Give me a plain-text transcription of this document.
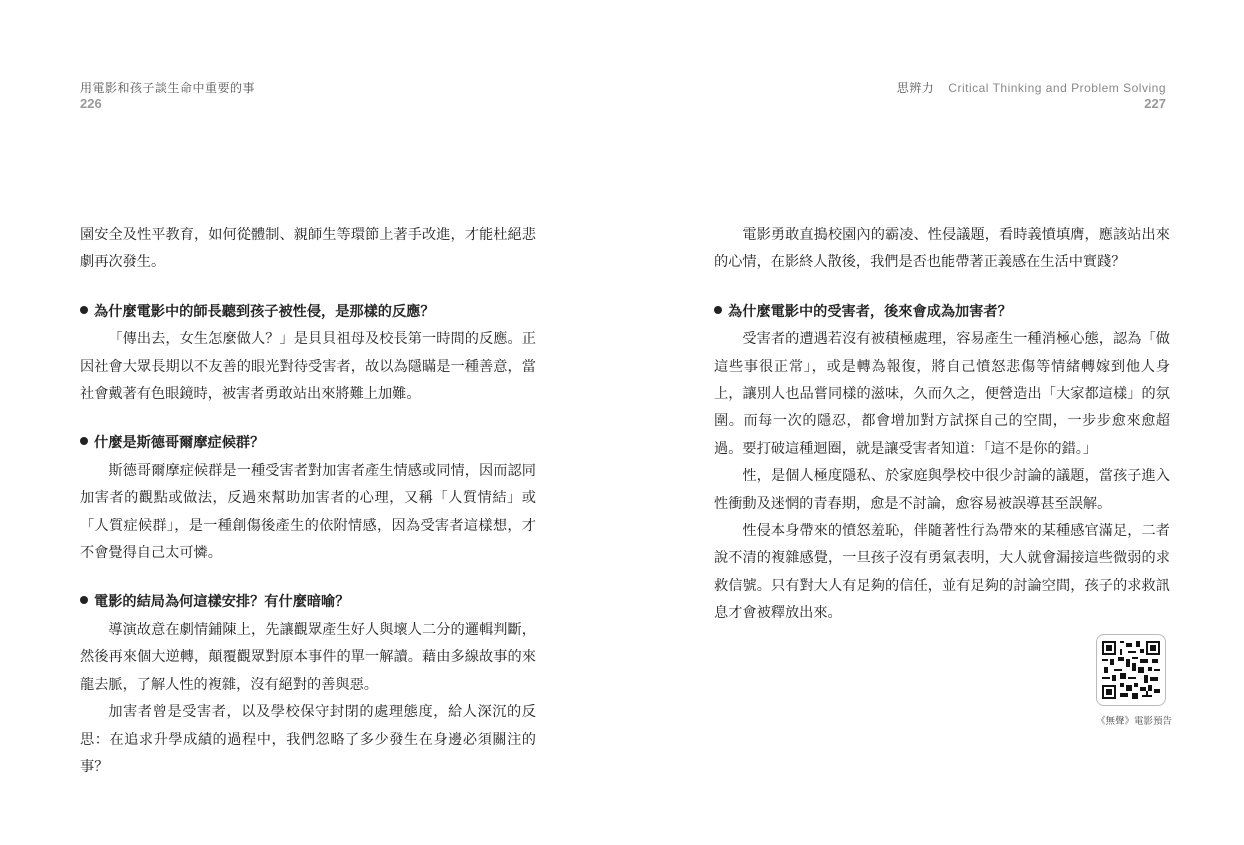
用電影和孩子談生命中重要的事
226

園安全及性平教育，如何從體制、親師生等環節上著手改進，才能杜絕悲劇再次發生。

為什麼電影中的師長聽到孩子被性侵，是那樣的反應？

「傳出去，女生怎麼做人？」是貝貝祖母及校長第一時間的反應。正因社會大眾長期以不友善的眼光對待受害者，故以為隱瞞是一種善意，當社會戴著有色眼鏡時，被害者勇敢站出來將難上加難。

什麼是斯德哥爾摩症候群？

斯德哥爾摩症候群是一種受害者對加害者產生情感或同情，因而認同加害者的觀點或做法，反過來幫助加害者的心理，又稱「人質情結」或「人質症候群」，是一種創傷後產生的依附情感，因為受害者這樣想，才不會覺得自己太可憐。

電影的結局為何這樣安排？有什麼暗喻？

導演故意在劇情鋪陳上，先讓觀眾產生好人與壞人二分的邏輯判斷，然後再來個大逆轉，顛覆觀眾對原本事件的單一解讀。藉由多線故事的來龍去脈，了解人性的複雜，沒有絕對的善與惡。

加害者曾是受害者，以及學校保守封閉的處理態度，給人深沉的反思：在追求升學成績的過程中，我們忽略了多少發生在身邊必須關注的事？

思辨力 Critical Thinking and Problem Solving
227

電影勇敢直搗校園內的霸凌、性侵議題，看時義憤填膺，應該站出來的心情，在影終人散後，我們是否也能帶著正義感在生活中實踐？

為什麼電影中的受害者，後來會成為加害者？

受害者的遭遇若沒有被積極處理，容易產生一種消極心態，認為「做這些事很正常」，或是轉為報復，將自己憤怒悲傷等情緒轉嫁到他人身上，讓別人也品嘗同樣的滋味，久而久之，便營造出「大家都這樣」的氛圍。而每一次的隱忍，都會增加對方試探自己的空間，一步步愈來愈超過。要打破這種迴圈，就是讓受害者知道：「這不是你的錯。」

性，是個人極度隱私、於家庭與學校中很少討論的議題，當孩子進入性衝動及迷惘的青春期，愈是不討論，愈容易被誤導甚至誤解。

性侵本身帶來的憤怒羞恥，伴隨著性行為帶來的某種感官滿足，二者說不清的複雜感覺，一旦孩子沒有勇氣表明，大人就會漏接這些微弱的求救信號。只有對大人有足夠的信任，並有足夠的討論空間，孩子的求救訊息才會被釋放出來。

《無聲》電影預告
